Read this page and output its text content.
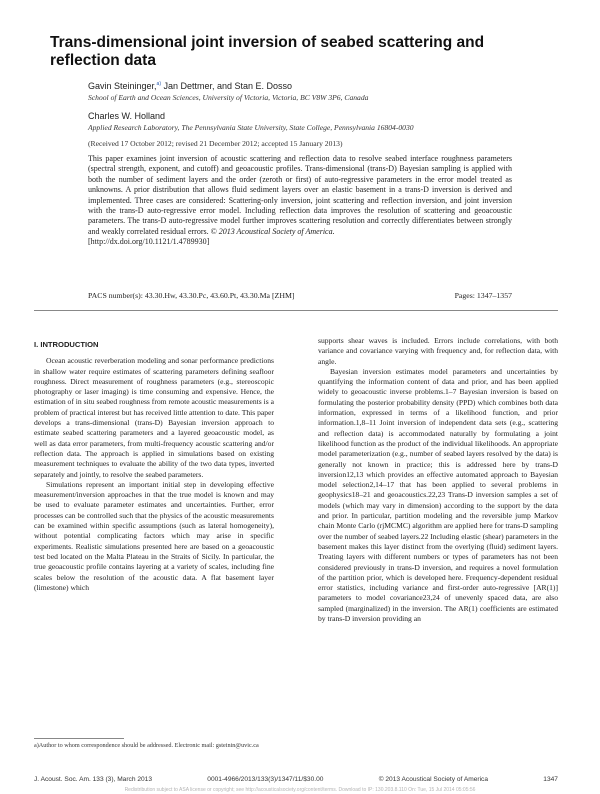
Trans-dimensional joint inversion of seabed scattering and reflection data
Gavin Steininger,$^{a)}$ Jan Dettmer, and Stan E. Dosso
School of Earth and Ocean Sciences, University of Victoria, Victoria, BC V8W 3P6, Canada
Charles W. Holland
Applied Research Laboratory, The Pennsylvania State University, State College, Pennsylvania 16804-0030
(Received 17 October 2012; revised 21 December 2012; accepted 15 January 2013)

This paper examines joint inversion of acoustic scattering and reflection data to resolve seabed interface roughness parameters (spectral strength, exponent, and cutoff) and geoacoustic profiles. Trans-dimensional (trans-D) Bayesian sampling is applied with both the number of sediment layers and the order (zeroth or first) of auto-regressive parameters in the error model treated as unknowns. A prior distribution that allows fluid sediment layers over an elastic basement in a trans-D inversion is derived and implemented. Three cases are considered: Scattering-only inversion, joint scattering and reflection inversion, and joint inversion with the trans-D auto-regressive error model. Including reflection data improves the resolution of scattering and geoacoustic parameters. The trans-D auto-regressive model further improves scattering resolution and correctly differentiates between strongly and weakly correlated residual errors. © 2013 Acoustical Society of America.

[http://dx.doi.org/10.1121/1.4789930]

PACS number(s): 43.30.Hw, 43.30.Pc, 43.60.Pt, 43.30.Ma [ZHM]	Pages: 1347–1357
I. INTRODUCTION

Ocean acoustic reverberation modeling and sonar performance predictions in shallow water require estimates of scattering parameters defining seafloor roughness. Direct measurement of roughness parameters (e.g., stereoscopic photography or laser imaging) is time consuming and expensive. Hence, the estimation of in situ seabed roughness from remote acoustic measurements is a problem of practical interest but has received little attention to date. This paper develops a trans-dimensional (trans-D) Bayesian inversion approach to estimate seabed scattering parameters and a layered geoacoustic model, as well as data error parameters, from multi-frequency acoustic scattering and/or reflection data. The approach is applied in simulations based on existing measurement techniques to evaluate the ability of the two data types, inverted separately and jointly, to resolve the seabed parameters.

Simulations represent an important initial step in developing effective measurement/inversion approaches in that the true model is known and may be used to evaluate parameter estimates and uncertainties. Further, error processes can be controlled such that the physics of the acoustic measurements can be examined within specific assumptions (such as lateral homogeneity), without potential complicating factors which may arise in specific experiments. Realistic simulations presented here are based on a geoacoustic test bed located on the Malta Plateau in the Straits of Sicily. In particular, the true geoacoustic profile contains layering at a variety of scales, including fine scales below the resolution of the acoustic data. A flat basement layer (limestone) which

supports shear waves is included. Errors include correlations, with both variance and covariance varying with frequency and, for reflection data, with angle.

Bayesian inversion estimates model parameters and uncertainties by quantifying the information content of data and prior, and has been applied widely to geoacoustic inverse problems.1–7 Bayesian inversion is based on formulating the posterior probability density (PPD) which combines both data information, expressed in terms of a likelihood function, and prior information.1,8–11 Joint inversion of independent data sets (e.g., scattering and reflection data) is accommodated naturally by formulating a joint likelihood function as the product of the individual likelihoods. An appropriate model parameterization (e.g., number of seabed layers resolved by the data) is generally not known in practice; this is addressed here by trans-D inversion12,13 which provides an effective automated approach to Bayesian model selection2,14–17 that has been applied to several problems in geophysics18–21 and geoacoustics.22,23 Trans-D inversion samples a set of models (which may vary in dimension) according to the support by the data and prior. In particular, partition modeling and the reversible jump Markov chain Monte Carlo (rjMCMC) algorithm are applied here for trans-D sampling over the number of seabed layers.22 Including elastic (shear) parameters in the basement makes this layer distinct from the overlying (fluid) sediment layers. Treating layers with different numbers or types of parameters has not been considered previously in trans-D inversion, and requires a novel formulation of the partition prior, which is developed here. Frequency-dependent residual error statistics, including variance and first-order auto-regressive [AR(1)] parameters to model covariance23,24 of unevenly spaced data, are also sampled (marginalized) in the inversion. The AR(1) coefficients are estimated by trans-D inversion providing an

a)Author to whom correspondence should be addressed. Electronic mail: gsteinin@uvic.ca
J. Acoust. Soc. Am. 133 (3), March 2013	0001-4966/2013/133(3)/1347/11/$30.00	© 2013 Acoustical Society of America	1347
Redistribution subject to ASA license or copyright; see http://acousticalsociety.org/content/terms. Download to IP: 130.203.8.110 On: Tue, 15 Jul 2014 05:05:56
